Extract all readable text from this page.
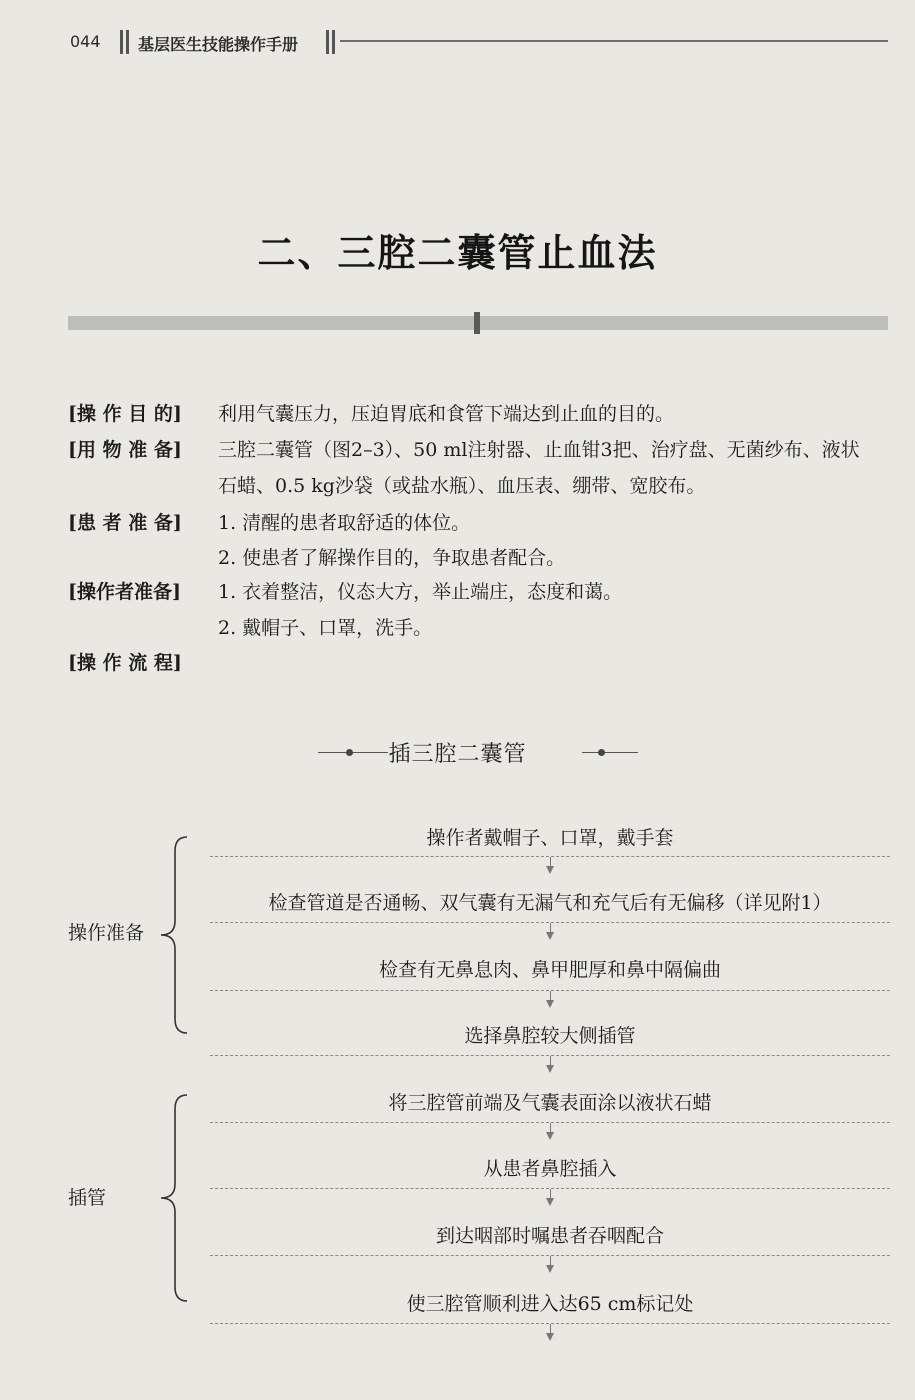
044 基层医生技能操作手册
二、三腔二囊管止血法
[操 作 目 的] 利用气囊压力，压迫胃底和食管下端达到止血的目的。
[用 物 准 备] 三腔二囊管（图2–3）、50 ml注射器、止血钳3把、治疗盘、无菌纱布、液状
石蜡、0.5 kg沙袋（或盐水瓶）、血压表、绷带、宽胶布。
[患 者 准 备] 1. 清醒的患者取舒适的体位。
2. 使患者了解操作目的，争取患者配合。
[操作者准备] 1. 衣着整洁，仪态大方，举止端庄，态度和蔼。
2. 戴帽子、口罩，洗手。
[操 作 流 程]
插三腔二囊管
操作准备
操作者戴帽子、口罩，戴手套
检查管道是否通畅、双气囊有无漏气和充气后有无偏移（详见附1）
检查有无鼻息肉、鼻甲肥厚和鼻中隔偏曲
选择鼻腔较大侧插管
插管
将三腔管前端及气囊表面涂以液状石蜡
从患者鼻腔插入
到达咽部时嘱患者吞咽配合
使三腔管顺利进入达65 cm标记处
